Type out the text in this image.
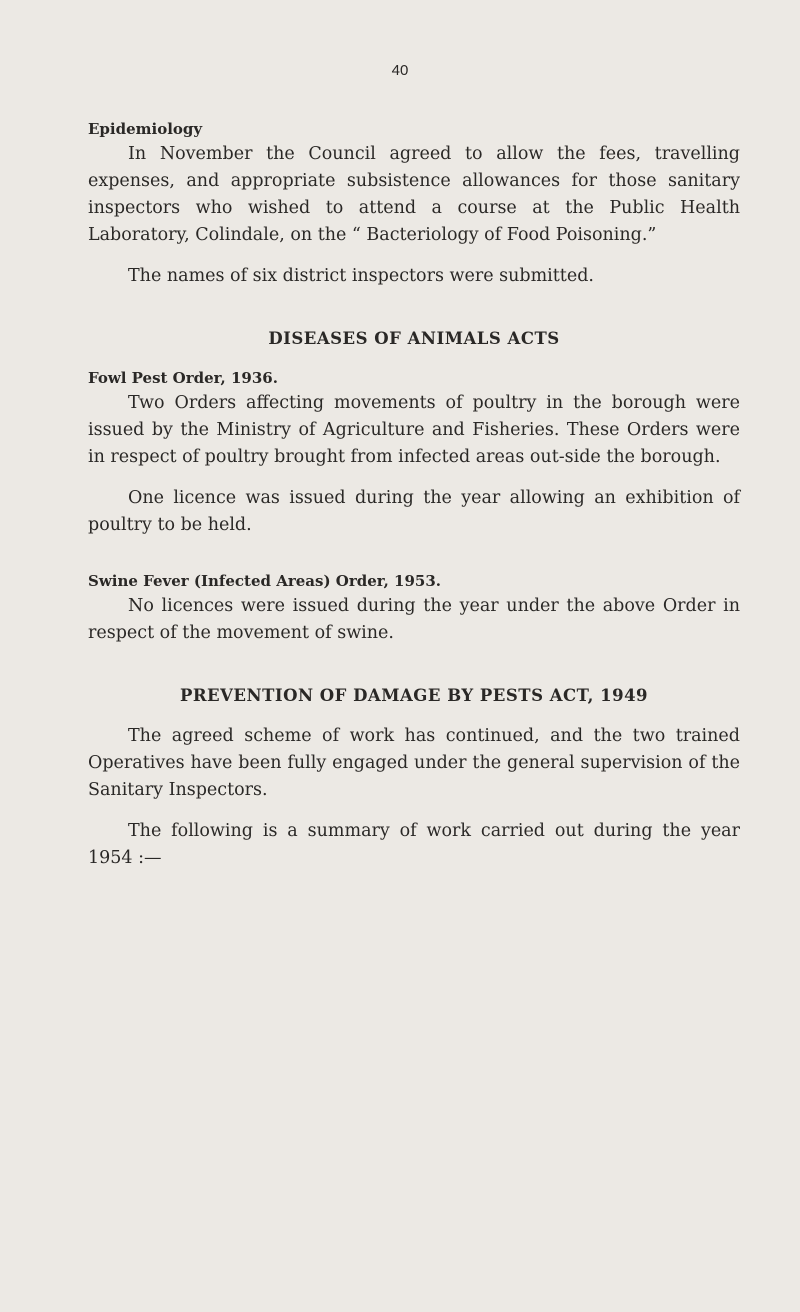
40
Epidemiology

In November the Council agreed to allow the fees, travelling expenses, and appropriate subsistence allowances for those sanitary inspectors who wished to attend a course at the Public Health Laboratory, Colindale, on the “ Bacteriology of Food Poisoning.”

The names of six district inspectors were submitted.

DISEASES OF ANIMALS ACTS
Fowl Pest Order, 1936.

Two Orders affecting movements of poultry in the borough were issued by the Ministry of Agriculture and Fisheries. These Orders were in respect of poultry brought from infected areas out-side the borough.

One licence was issued during the year allowing an exhibition of poultry to be held.

Swine Fever (Infected Areas) Order, 1953.

No licences were issued during the year under the above Order in respect of the movement of swine.

PREVENTION OF DAMAGE BY PESTS ACT, 1949

The agreed scheme of work has continued, and the two trained Operatives have been fully engaged under the general supervision of the Sanitary Inspectors.

The following is a summary of work carried out during the year 1954 :—
